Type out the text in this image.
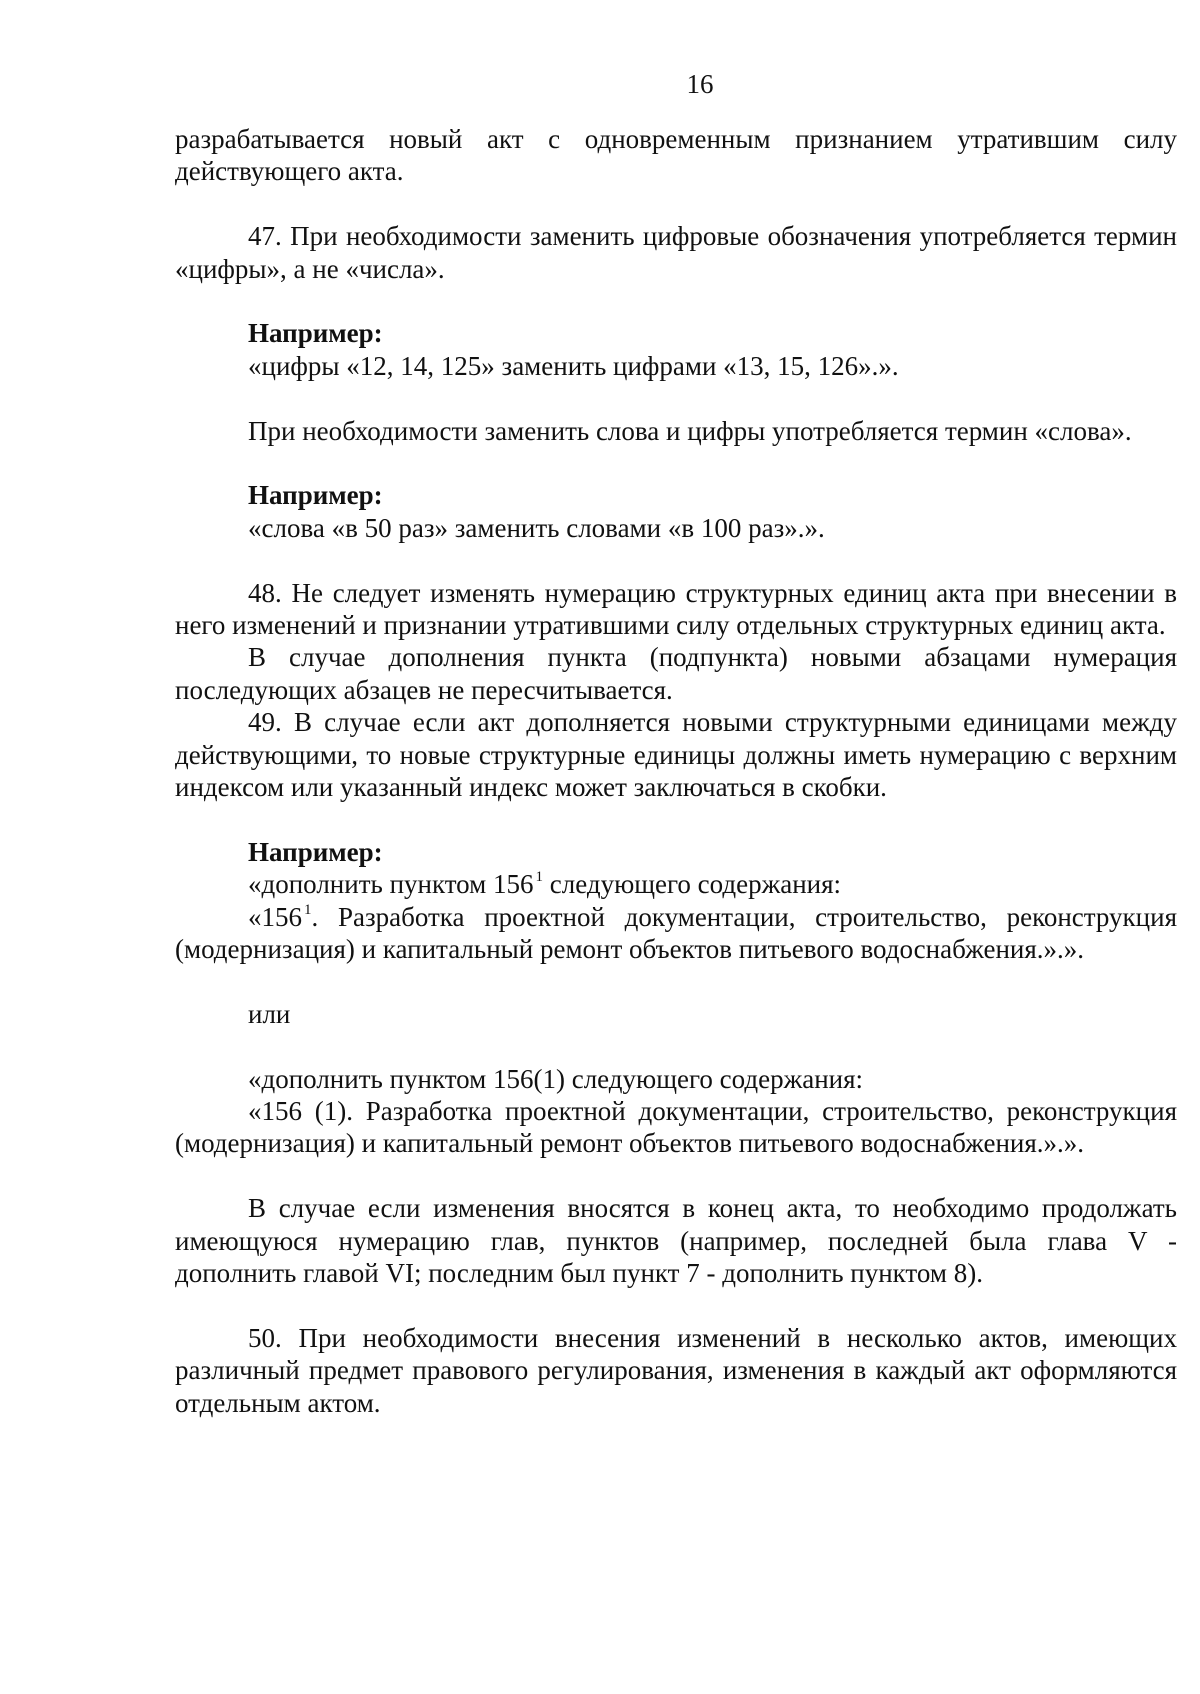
16

разрабатывается новый акт с одновременным признанием утратившим силу действующего акта.

47. При необходимости заменить цифровые обозначения употребляется термин «цифры», а не «числа».

Например:

«цифры «12, 14, 125» заменить цифрами «13, 15, 126».».

При необходимости заменить слова и цифры употребляется термин «слова».

Например:

«слова «в 50 раз» заменить словами «в 100 раз».».

48. Не следует изменять нумерацию структурных единиц акта при внесении в него изменений и признании утратившими силу отдельных структурных единиц акта.

В случае дополнения пункта (подпункта) новыми абзацами нумерация последующих абзацев не пересчитывается.

49. В случае если акт дополняется новыми структурными единицами между действующими, то новые структурные единицы должны иметь нумерацию с верхним индексом или указанный индекс может заключаться в скобки.

Например:

«дополнить пунктом 156 $^1$ следующего содержания:

«156 $^1$. Разработка проектной документации, строительство, реконструкция (модернизация) и капитальный ремонт объектов питьевого водоснабжения.».».

или

«дополнить пунктом 156(1) следующего содержания:

«156 (1). Разработка проектной документации, строительство, реконструкция (модернизация) и капитальный ремонт объектов питьевого водоснабжения.».».

В случае если изменения вносятся в конец акта, то необходимо продолжать имеющуюся нумерацию глав, пунктов (например, последней была глава V - дополнить главой VI; последним был пункт 7 - дополнить пунктом 8).

50. При необходимости внесения изменений в несколько актов, имеющих различный предмет правового регулирования, изменения в каждый акт оформляются отдельным актом.
